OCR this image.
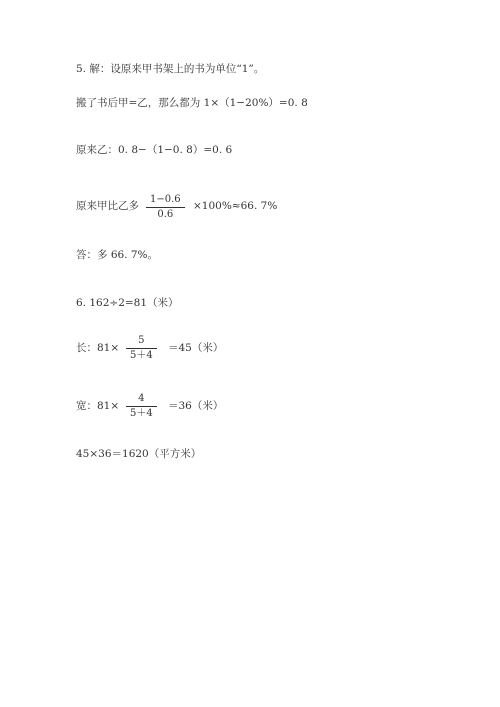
5. 解：设原来甲书架上的书为单位“1”。
搬了书后甲=乙，那么都为 1×（1−20%）=0. 8
原来乙：0. 8−（1−0. 8）=0. 6
原来甲比乙多
1−0.6
0.6
×100%≈66. 7%
答：多 66. 7%。
6. 162÷2=81（米）
长：81×
5
5＋4
＝45（米）
宽：81×
4
5＋4
＝36（米）
45×36＝1620（平方米）
